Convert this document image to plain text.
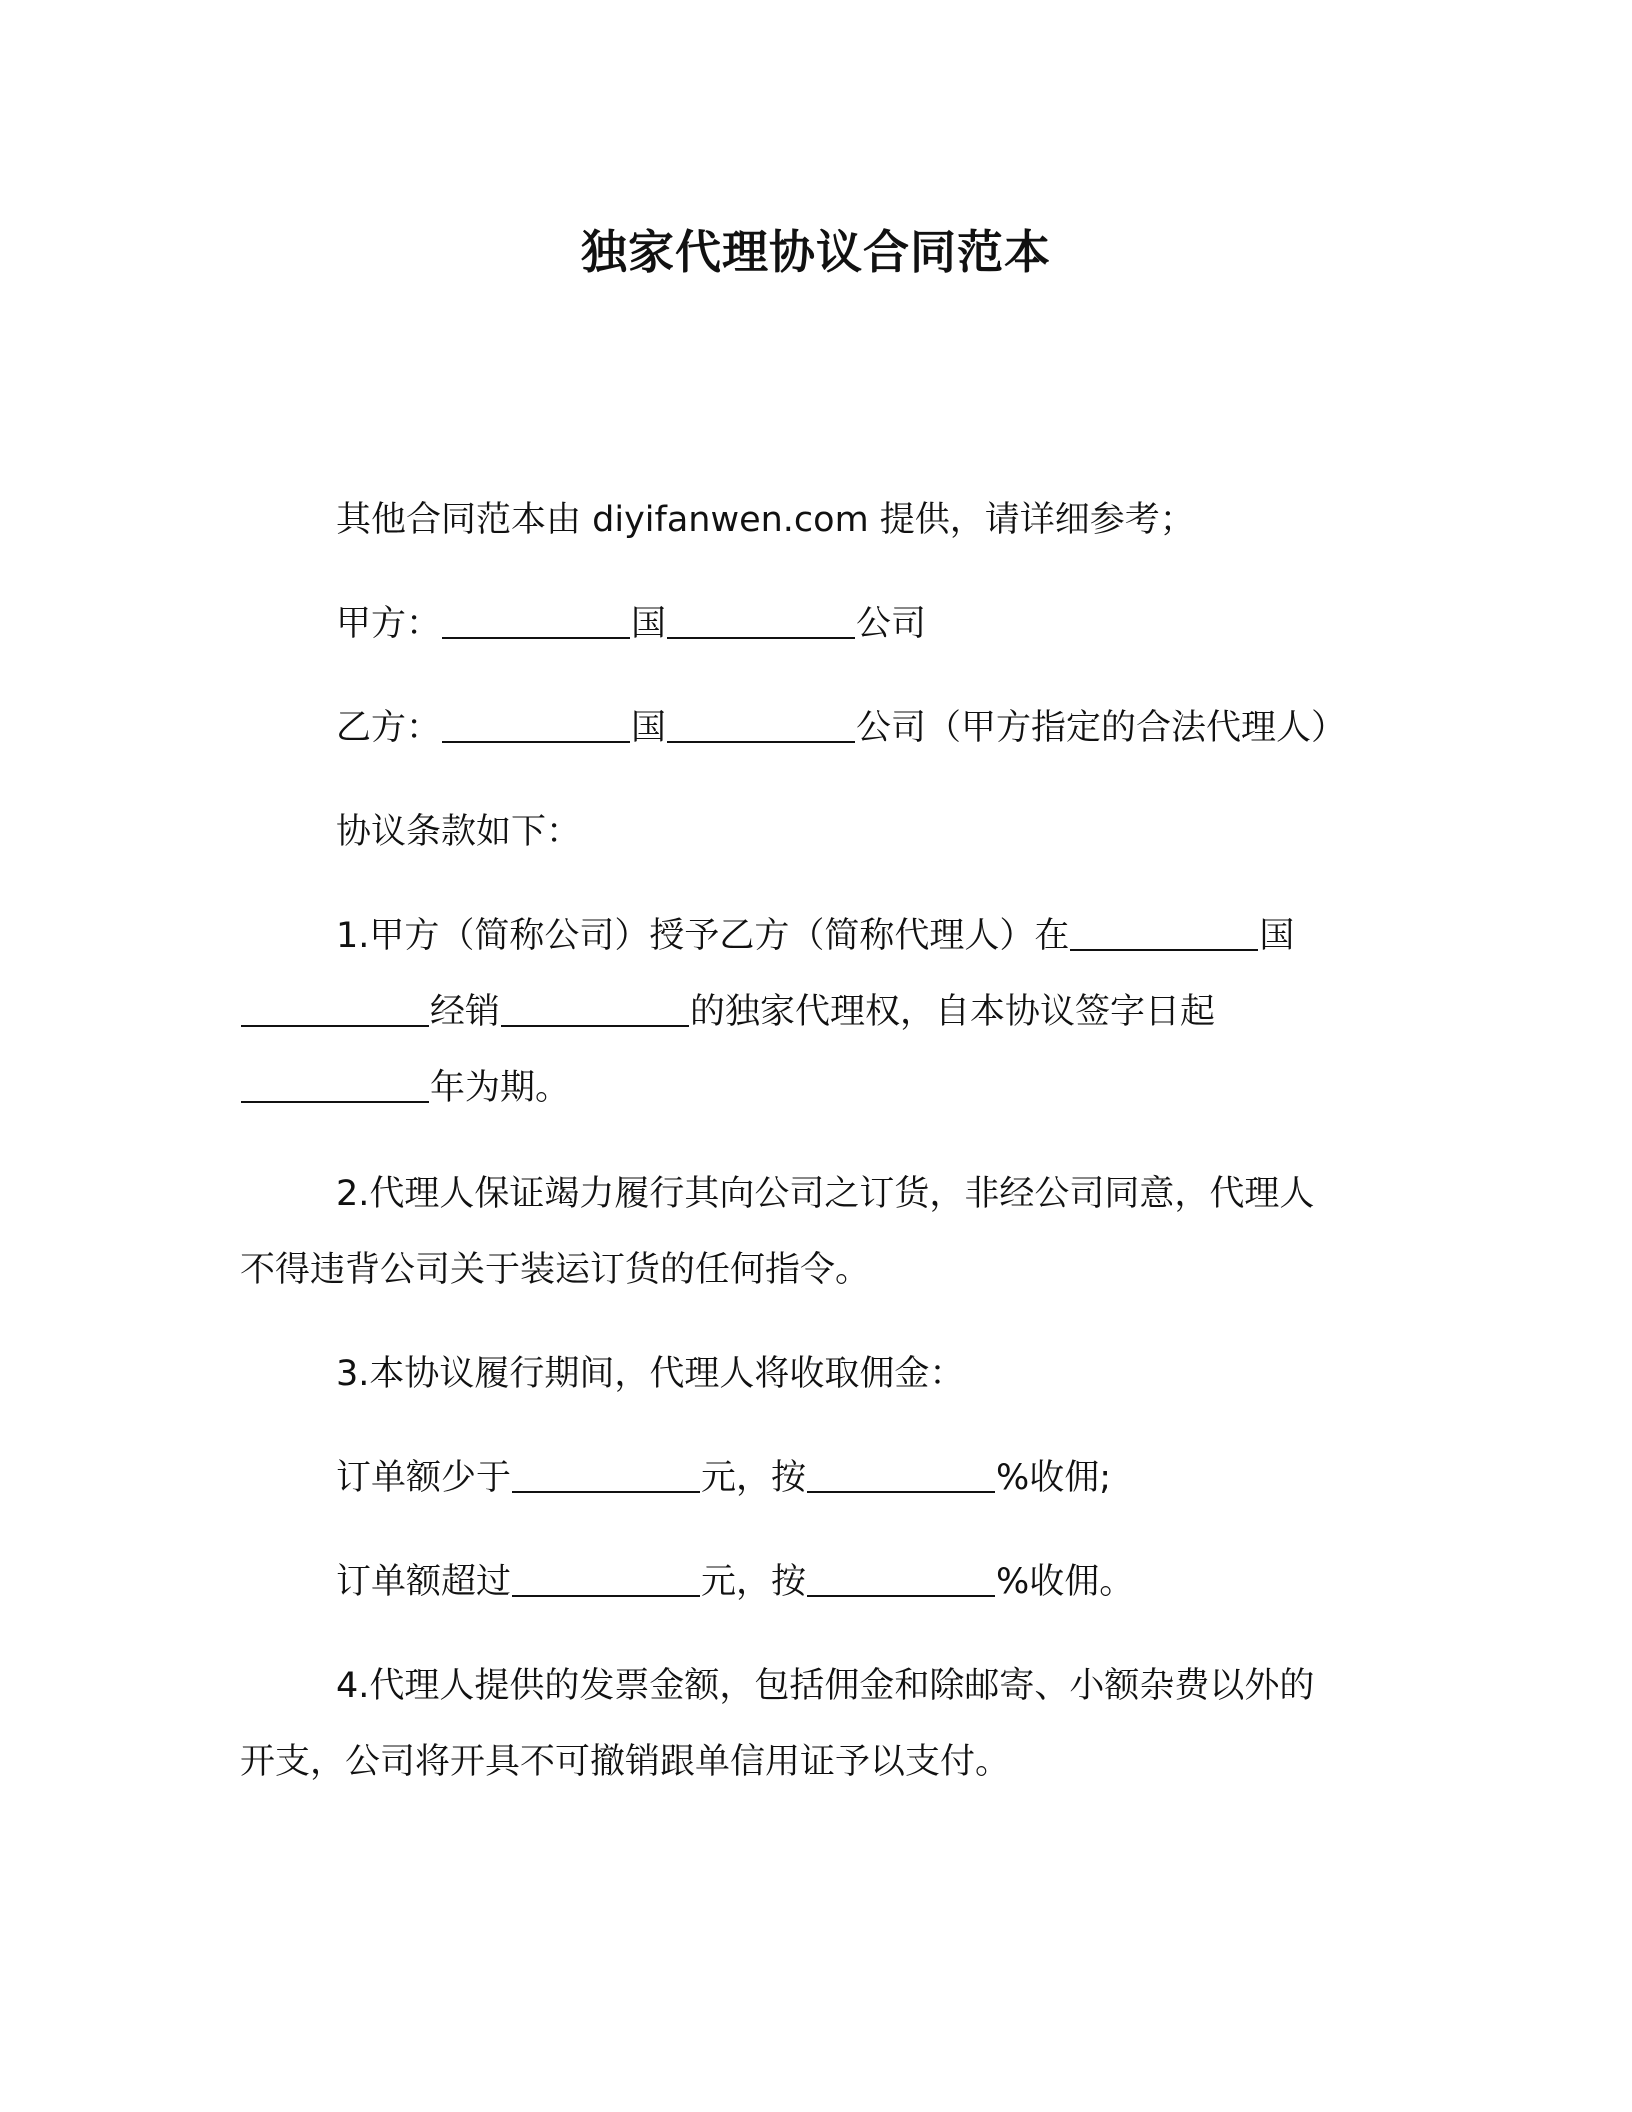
独家代理协议合同范本

其他合同范本由 diyifanwen.com 提供，请详细参考；

甲方：	国	公司

乙方：	国	公司（甲方指定的合法代理人）

协议条款如下：

1.甲方（简称公司）授予乙方（简称代理人）在	国
经销	的独家代理权，自本协议签字日起
年为期。
2.代理人保证竭力履行其向公司之订货，非经公司同意，代理人
不得违背公司关于装运订货的任何指令。

3.本协议履行期间，代理人将收取佣金：

订单额少于	元，按	%收佣;

订单额超过	元，按	%收佣。

4.代理人提供的发票金额，包括佣金和除邮寄、小额杂费以外的
开支，公司将开具不可撤销跟单信用证予以支付。
